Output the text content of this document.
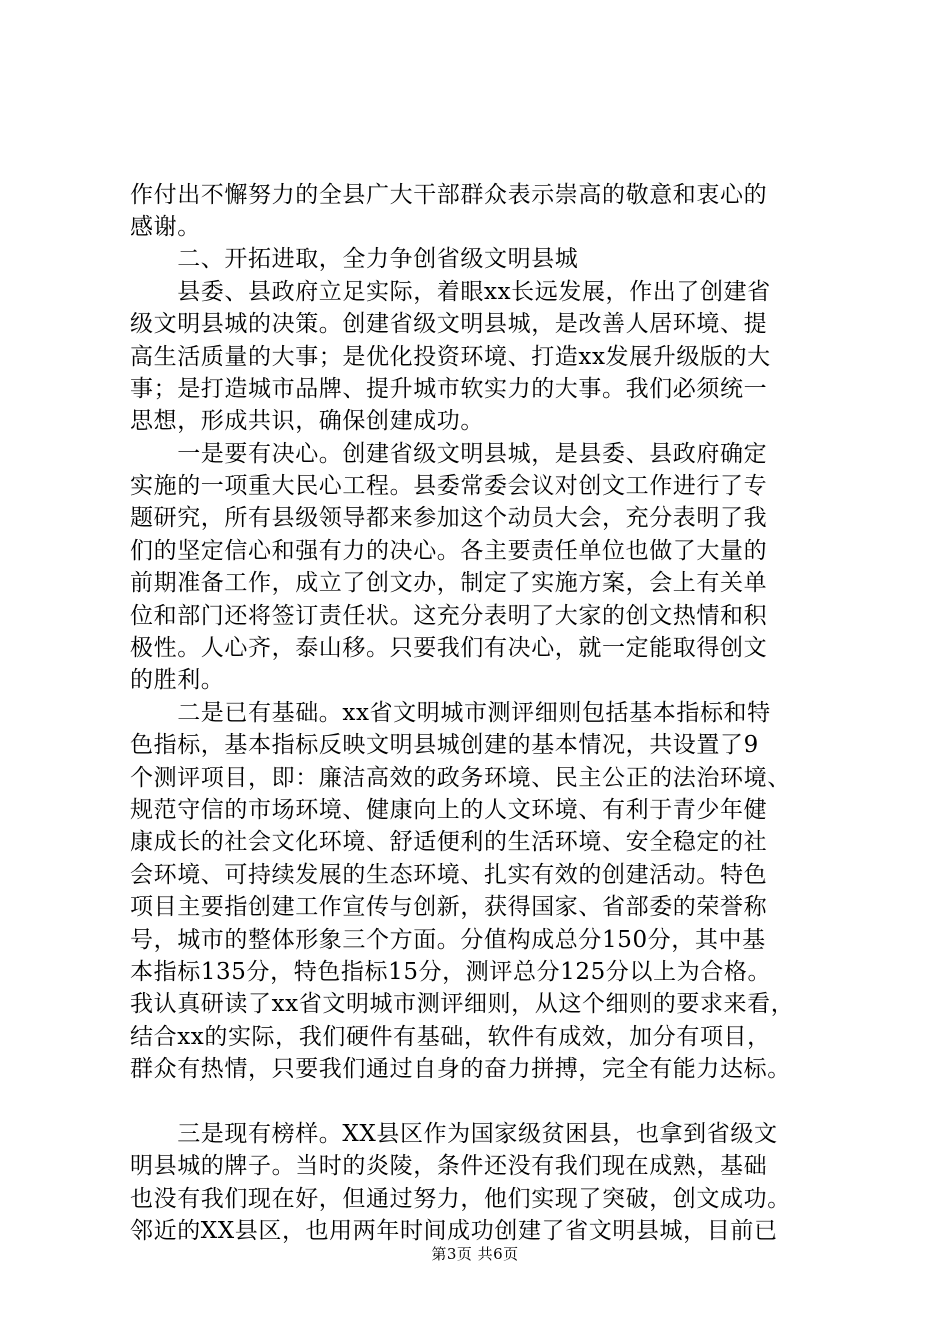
作付出不懈努力的全县广大干部群众表示崇高的敬意和衷心的
感谢。
　　二、开拓进取，全力争创省级文明县城
　　县委、县政府立足实际，着眼xx长远发展，作出了创建省
级文明县城的决策。创建省级文明县城，是改善人居环境、提
高生活质量的大事；是优化投资环境、打造xx发展升级版的大
事；是打造城市品牌、提升城市软实力的大事。我们必须统一
思想，形成共识，确保创建成功。
　　一是要有决心。创建省级文明县城，是县委、县政府确定
实施的一项重大民心工程。县委常委会议对创文工作进行了专
题研究，所有县级领导都来参加这个动员大会，充分表明了我
们的坚定信心和强有力的决心。各主要责任单位也做了大量的
前期准备工作，成立了创文办，制定了实施方案，会上有关单
位和部门还将签订责任状。这充分表明了大家的创文热情和积
极性。人心齐，泰山移。只要我们有决心，就一定能取得创文
的胜利。
　　二是已有基础。xx省文明城市测评细则包括基本指标和特
色指标，基本指标反映文明县城创建的基本情况，共设置了9
个测评项目，即：廉洁高效的政务环境、民主公正的法治环境、
规范守信的市场环境、健康向上的人文环境、有利于青少年健
康成长的社会文化环境、舒适便利的生活环境、安全稳定的社
会环境、可持续发展的生态环境、扎实有效的创建活动。特色
项目主要指创建工作宣传与创新，获得国家、省部委的荣誉称
号，城市的整体形象三个方面。分值构成总分150分，其中基
本指标135分，特色指标15分，测评总分125分以上为合格。
我认真研读了xx省文明城市测评细则，从这个细则的要求来看，
结合xx的实际，我们硬件有基础，软件有成效，加分有项目，
群众有热情，只要我们通过自身的奋力拼搏，完全有能力达标。
　　三是现有榜样。XX县区作为国家级贫困县，也拿到省级文
明县城的牌子。当时的炎陵，条件还没有我们现在成熟，基础
也没有我们现在好，但通过努力，他们实现了突破，创文成功。
邻近的XX县区，也用两年时间成功创建了省文明县城，目前已
第3页 共6页
